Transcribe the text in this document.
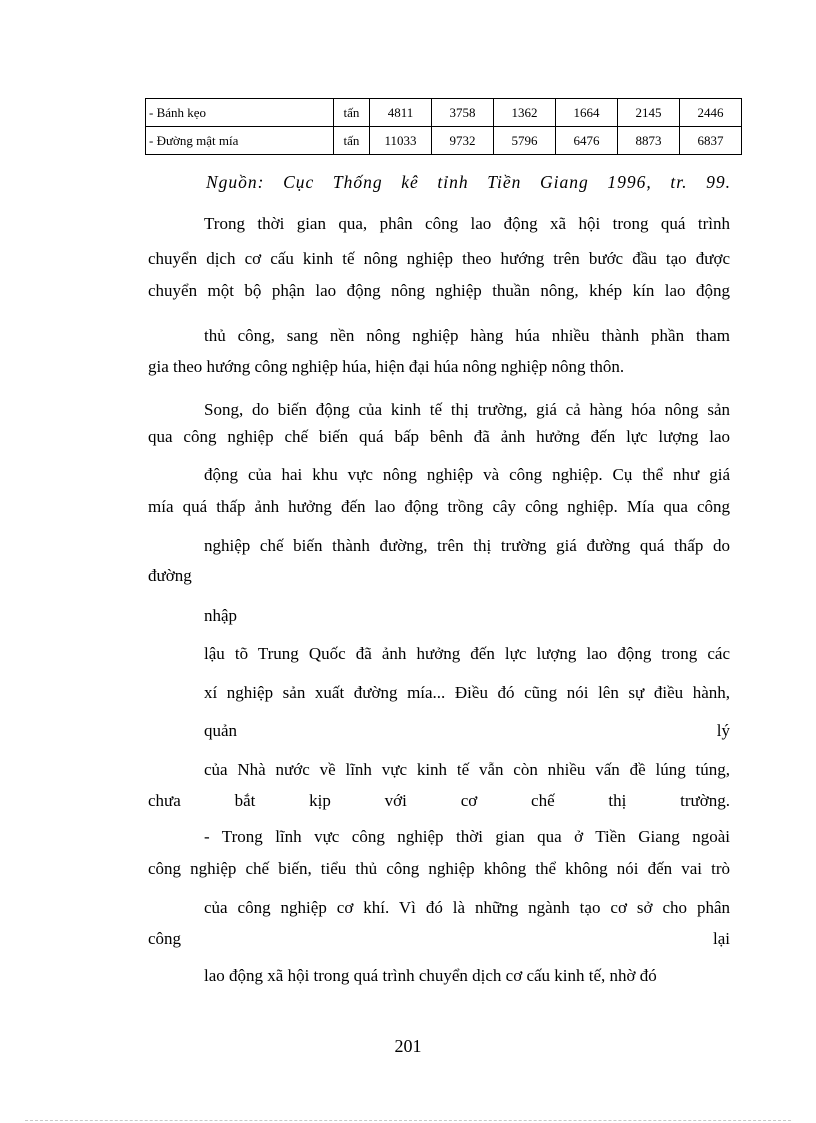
- Bánh kẹo	tấn	4811	3758	1362	1664	2145	2446
- Đường mật mía	tấn	11033	9732	5796	6476	8873	6837
Nguồn: Cục Thống kê tỉnh Tiền Giang 1996, tr. 99.
Trong thời gian qua, phân công lao động xã hội trong quá trình
chuyển dịch cơ cấu kinh tế nông nghiệp theo hướng trên bước đầu tạo được
chuyển một bộ phận lao động nông nghiệp thuần nông, khép kín lao động
thủ công, sang nền nông nghiệp hàng húa nhiều thành phần tham
gia theo hướng công nghiệp húa, hiện đại húa nông nghiệp nông thôn.
Song, do biến động của kinh tế thị trường, giá cả hàng hóa nông sản
qua công nghiệp chế biến quá bấp bênh đã ảnh hưởng đến lực lượng lao
động của hai khu vực nông nghiệp và công nghiệp. Cụ thể như giá
mía quá thấp ảnh hưởng đến lao động trồng cây công nghiệp. Mía qua công
nghiệp chế biến thành đường, trên thị trường giá đường quá thấp do
đường
nhập
lậu tõ Trung Quốc đã ảnh hưởng đến lực lượng lao động trong các
xí nghiệp sản xuất đường mía... Điều đó cũng nói lên sự điều hành,
quản lý
của Nhà nước về lĩnh vực kinh tế vẫn còn nhiều vấn đề lúng túng,
chưa bắt kịp với cơ chế thị trường.
- Trong lĩnh vực công nghiệp thời gian qua ở Tiền Giang ngoài
công nghiệp chế biến, tiểu thủ công nghiệp không thể không nói đến vai trò
của công nghiệp cơ khí. Vì đó là những ngành tạo cơ sở cho phân
công lại
lao động xã hội trong quá trình chuyển dịch cơ cấu kinh tế, nhờ đó
201
